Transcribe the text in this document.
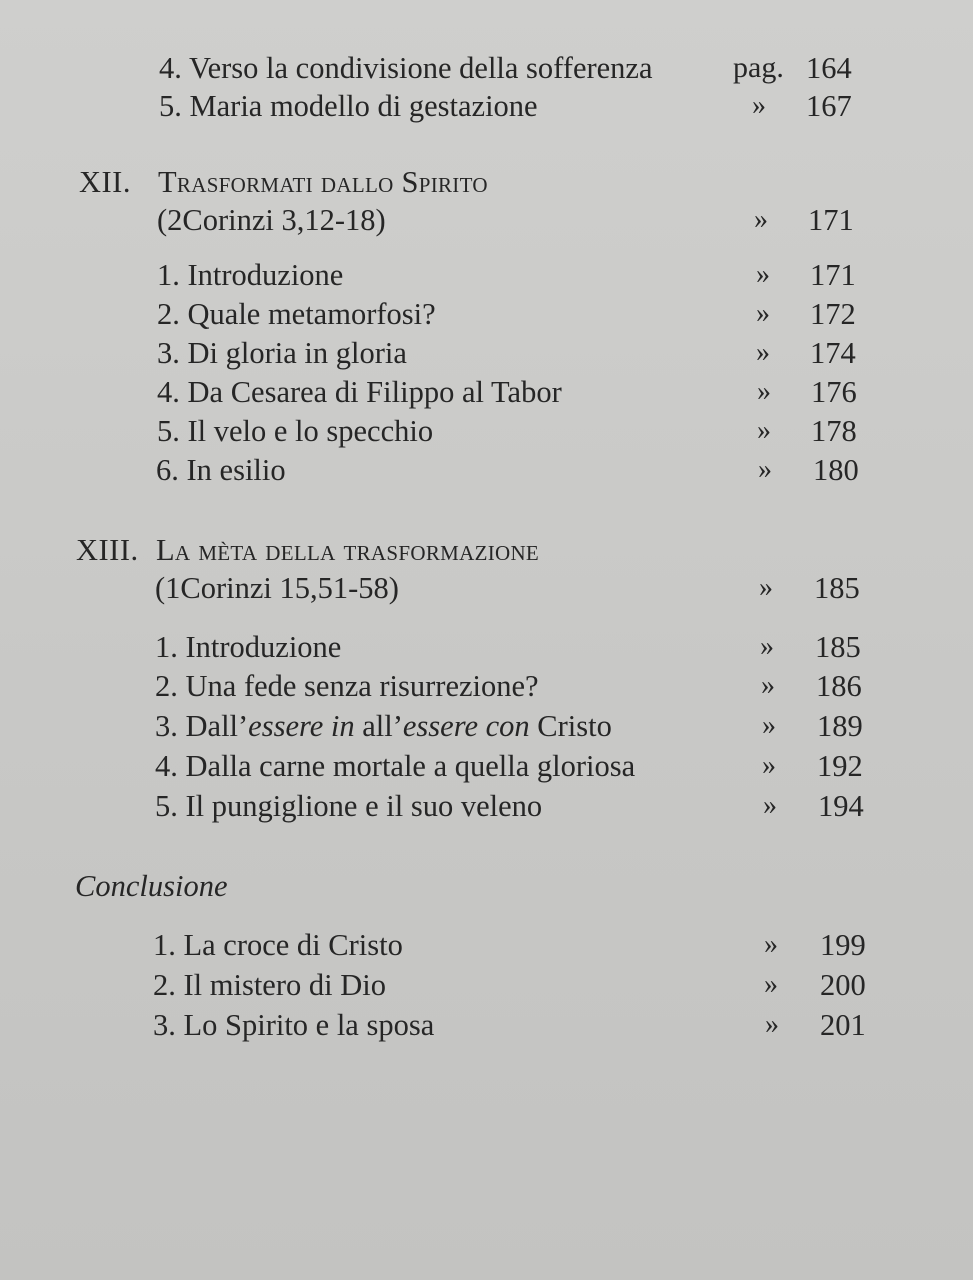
4. Verso la condivisione della sofferenza	pag. 164
5. Maria modello di gestazione	» 167
XII. Trasformati dallo Spirito
(2Corinzi 3,12-18)	» 171
1. Introduzione	» 171
2. Quale metamorfosi?	» 172
3. Di gloria in gloria	» 174
4. Da Cesarea di Filippo al Tabor	» 176
5. Il velo e lo specchio	» 178
6. In esilio	» 180
XIII. La mèta della trasformazione
(1Corinzi 15,51-58)	» 185
1. Introduzione	» 185
2. Una fede senza risurrezione?	» 186
3. Dall’essere in all’essere con Cristo	» 189
4. Dalla carne mortale a quella gloriosa	» 192
5. Il pungiglione e il suo veleno	» 194
Conclusione
1. La croce di Cristo	» 199
2. Il mistero di Dio	» 200
3. Lo Spirito e la sposa	» 201
